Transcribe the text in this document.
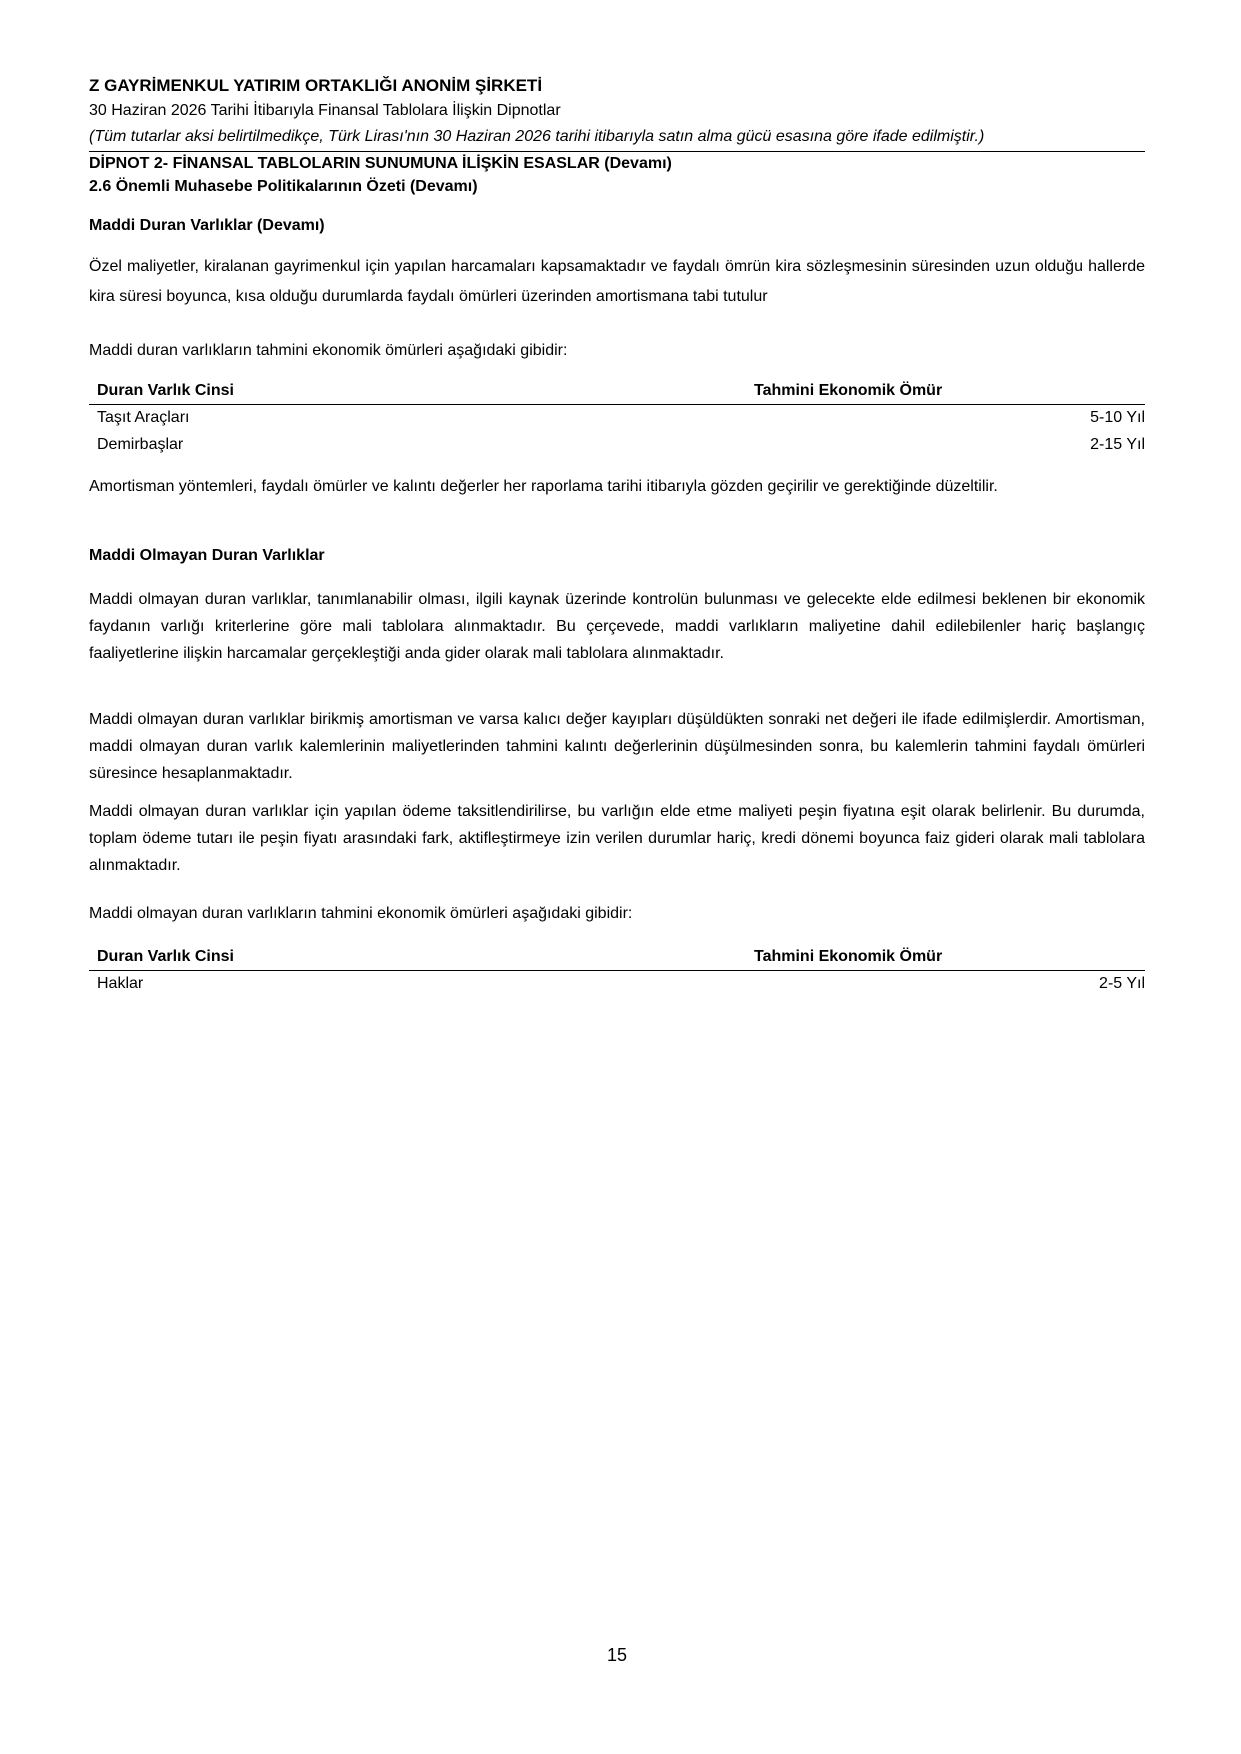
Z GAYRİMENKUL YATIRIM ORTAKLIĞI ANONİM ŞİRKETİ
30 Haziran 2026 Tarihi İtibarıyla Finansal Tablolara İlişkin Dipnotlar
(Tüm tutarlar aksi belirtilmedikçe, Türk Lirası'nın 30 Haziran 2026 tarihi itibarıyla satın alma gücü esasına göre ifade edilmiştir.)
DİPNOT 2- FİNANSAL TABLOLARIN SUNUMUNA İLİŞKİN ESASLAR (Devamı)
2.6 Önemli Muhasebe Politikalarının Özeti (Devamı)
Maddi Duran Varlıklar (Devamı)
Özel maliyetler, kiralanan gayrimenkul için yapılan harcamaları kapsamaktadır ve faydalı ömrün kira sözleşmesinin süresinden uzun olduğu hallerde kira süresi boyunca, kısa olduğu durumlarda faydalı ömürleri üzerinden amortismana tabi tutulur
Maddi duran varlıkların tahmini ekonomik ömürleri aşağıdaki gibidir:
Duran Varlık Cinsi	Tahmini Ekonomik Ömür
Taşıt Araçları	5-10 Yıl
Demirbaşlar	2-15 Yıl
Amortisman yöntemleri, faydalı ömürler ve kalıntı değerler her raporlama tarihi itibarıyla gözden geçirilir ve gerektiğinde düzeltilir.
Maddi Olmayan Duran Varlıklar
Maddi olmayan duran varlıklar, tanımlanabilir olması, ilgili kaynak üzerinde kontrolün bulunması ve gelecekte elde edilmesi beklenen bir ekonomik faydanın varlığı kriterlerine göre mali tablolara alınmaktadır. Bu çerçevede, maddi varlıkların maliyetine dahil edilebilenler hariç başlangıç faaliyetlerine ilişkin harcamalar gerçekleştiği anda gider olarak mali tablolara alınmaktadır.
Maddi olmayan duran varlıklar birikmiş amortisman ve varsa kalıcı değer kayıpları düşüldükten sonraki net değeri ile ifade edilmişlerdir. Amortisman, maddi olmayan duran varlık kalemlerinin maliyetlerinden tahmini kalıntı değerlerinin düşülmesinden sonra, bu kalemlerin tahmini faydalı ömürleri süresince hesaplanmaktadır.
Maddi olmayan duran varlıklar için yapılan ödeme taksitlendirilirse, bu varlığın elde etme maliyeti peşin fiyatına eşit olarak belirlenir. Bu durumda, toplam ödeme tutarı ile peşin fiyatı arasındaki fark, aktifleştirmeye izin verilen durumlar hariç, kredi dönemi boyunca faiz gideri olarak mali tablolara alınmaktadır.
Maddi olmayan duran varlıkların tahmini ekonomik ömürleri aşağıdaki gibidir:
Duran Varlık Cinsi	Tahmini Ekonomik Ömür
Haklar	2-5 Yıl
15
